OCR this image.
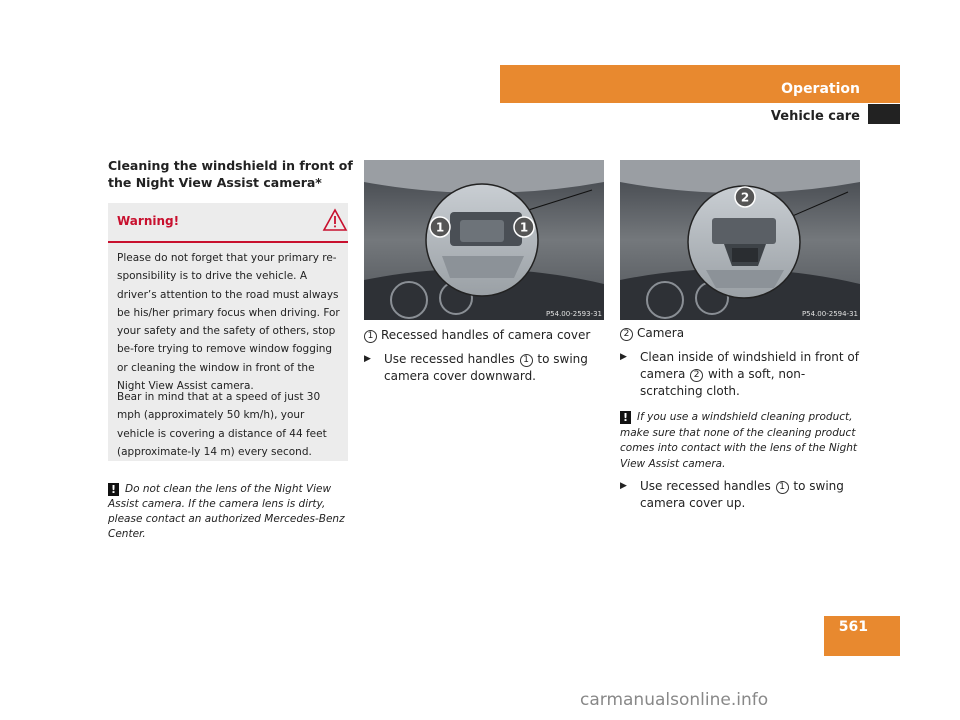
Operation
Vehicle care
561
Cleaning the windshield in front of the Night View Assist camera*
Warning!
Please do not forget that your primary re-sponsibility is to drive the vehicle. A driver’s attention to the road must always be his/her primary focus when driving. For your safety and the safety of others, stop be-fore trying to remove window fogging or cleaning the window in front of the Night View Assist camera.
Bear in mind that at a speed of just 30 mph (approximately 50 km/h), your vehicle is covering a distance of 44 feet (approximate-ly 14 m) every second.
! Do not clean the lens of the Night View Assist camera. If the camera lens is dirty, please contact an authorized Mercedes-Benz Center.
1	1
P54.00-2593-31
2
P54.00-2594-31
1 Recessed handles of camera cover
▶	Use recessed handles 1 to swing camera cover downward.
2 Camera
▶	Clean inside of windshield in front of camera 2 with a soft, non-scratching cloth.
! If you use a windshield cleaning product, make sure that none of the cleaning product comes into contact with the lens of the Night View Assist camera.
▶	Use recessed handles 1 to swing camera cover up.
carmanualsonline.info
